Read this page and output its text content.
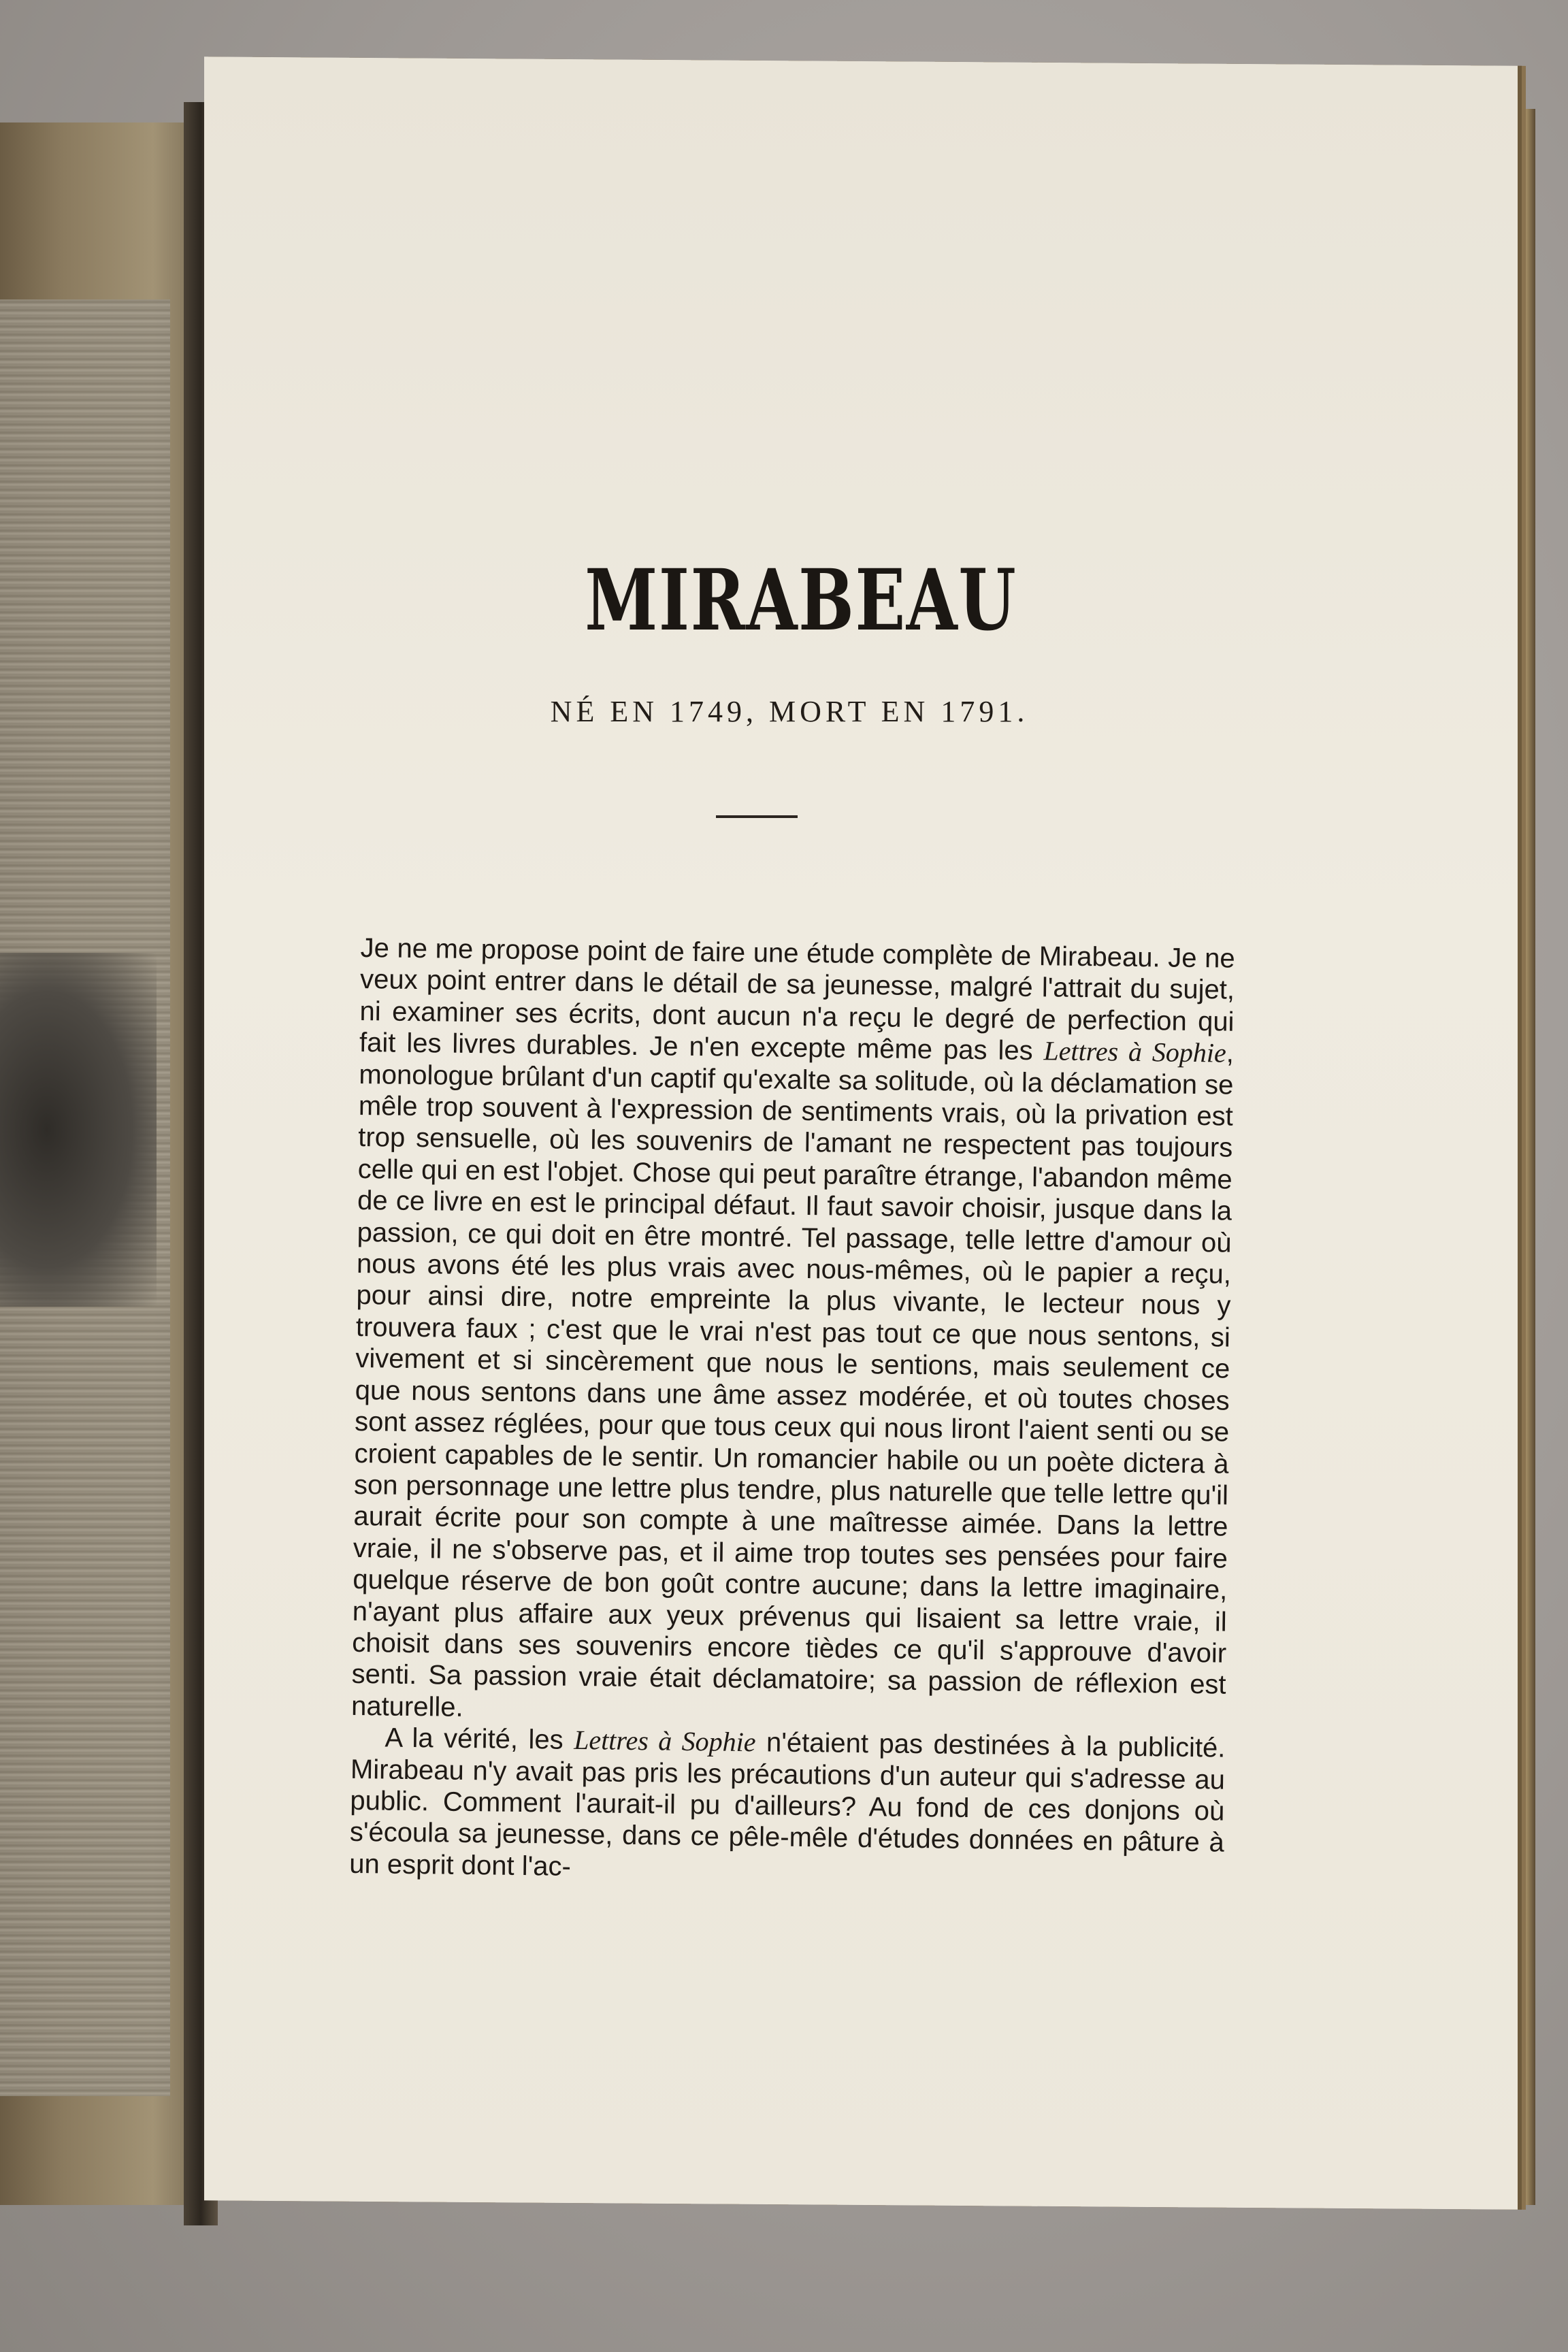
MIRABEAU
NÉ EN 1749, MORT EN 1791.

Je ne me propose point de faire une étude complète de Mirabeau. Je ne veux point entrer dans le détail de sa jeunesse, malgré l'attrait du sujet, ni examiner ses écrits, dont aucun n'a reçu le degré de perfection qui fait les livres durables. Je n'en excepte même pas les Lettres à Sophie, monologue brûlant d'un captif qu'exalte sa solitude, où la déclamation se mêle trop souvent à l'expression de sentiments vrais, où la privation est trop sensuelle, où les souvenirs de l'amant ne respectent pas toujours celle qui en est l'objet. Chose qui peut paraître étrange, l'abandon même de ce livre en est le principal défaut. Il faut savoir choisir, jusque dans la passion, ce qui doit en être montré. Tel passage, telle lettre d'amour où nous avons été les plus vrais avec nous-mêmes, où le papier a reçu, pour ainsi dire, notre empreinte la plus vivante, le lecteur nous y trouvera faux ; c'est que le vrai n'est pas tout ce que nous sentons, si vivement et si sincèrement que nous le sentions, mais seulement ce que nous sentons dans une âme assez modérée, et où toutes choses sont assez réglées, pour que tous ceux qui nous liront l'aient senti ou se croient capables de le sentir. Un romancier habile ou un poète dictera à son personnage une lettre plus tendre, plus naturelle que telle lettre qu'il aurait écrite pour son compte à une maîtresse aimée. Dans la lettre vraie, il ne s'observe pas, et il aime trop toutes ses pensées pour faire quelque réserve de bon goût contre aucune; dans la lettre imaginaire, n'ayant plus affaire aux yeux prévenus qui lisaient sa lettre vraie, il choisit dans ses souvenirs encore tièdes ce qu'il s'approuve d'avoir senti. Sa passion vraie était déclamatoire; sa passion de réflexion est naturelle.

A la vérité, les Lettres à Sophie n'étaient pas destinées à la publicité. Mirabeau n'y avait pas pris les précautions d'un auteur qui s'adresse au public. Comment l'aurait-il pu d'ailleurs? Au fond de ces donjons où s'écoula sa jeunesse, dans ce pêle-mêle d'études données en pâture à un esprit dont l'ac-
